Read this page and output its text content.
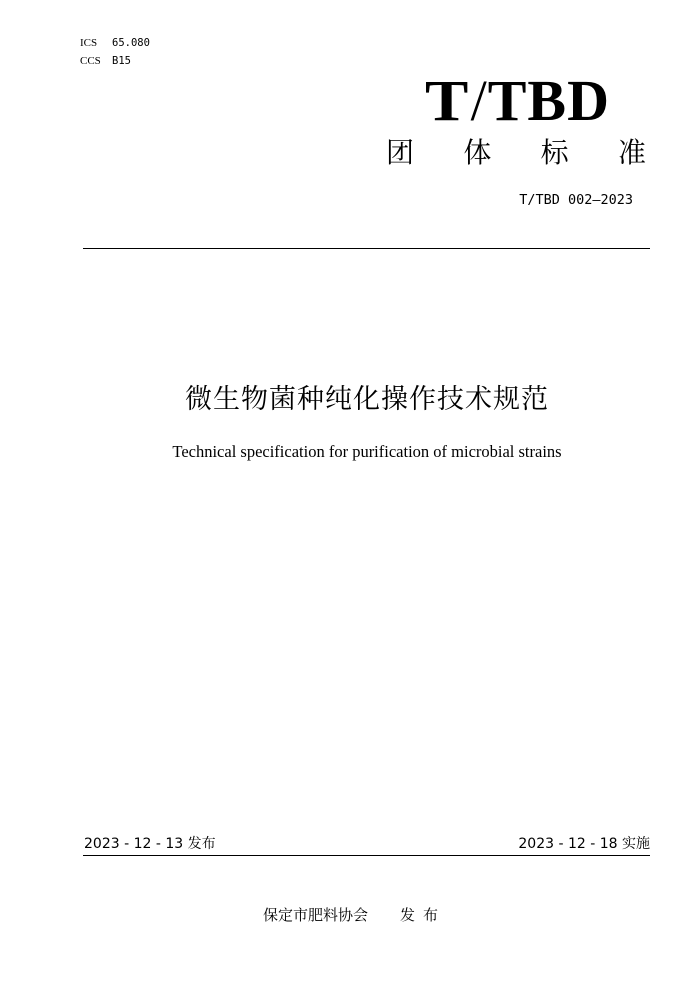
ICS 65.080
CCS B15
T/TBD
团 体 标 准
T/TBD 002—2023
微生物菌种纯化操作技术规范
Technical specification for purification of microbial strains
2023 - 12 - 13 发布	2023 - 12 - 18 实施
保定市肥料协会 发布
